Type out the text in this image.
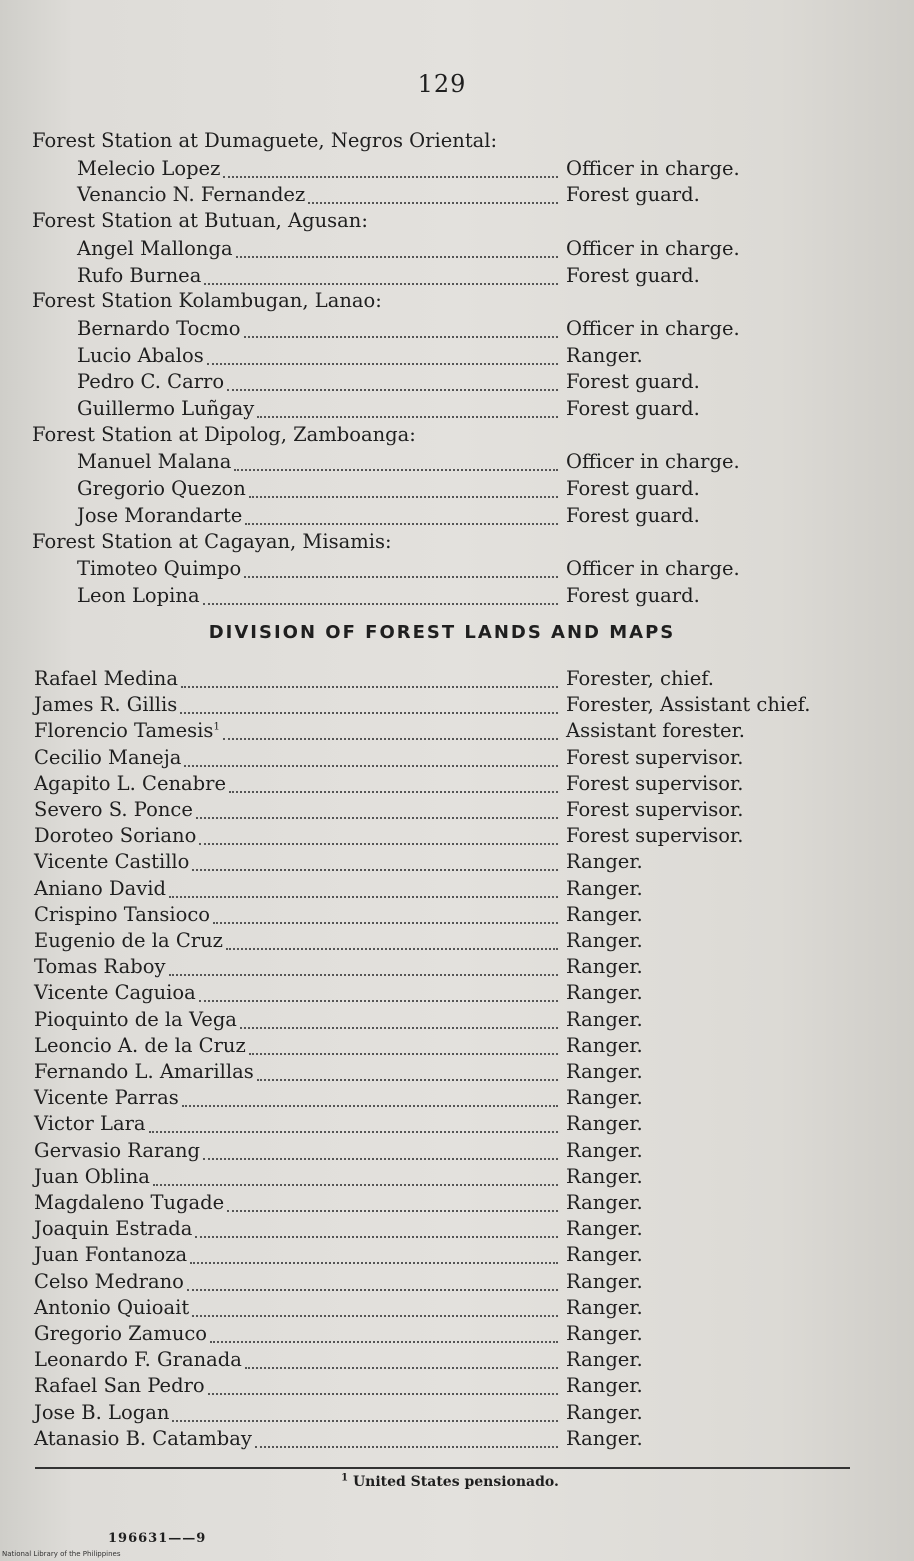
129
Forest Station at Dumaguete, Negros Oriental:
Melecio Lopez	Officer in charge.
Venancio N. Fernandez	Forest guard.
Forest Station at Butuan, Agusan:
Angel Mallonga	Officer in charge.
Rufo Burnea	Forest guard.
Forest Station Kolambugan, Lanao:
Bernardo Tocmo	Officer in charge.
Lucio Abalos	Ranger.
Pedro C. Carro	Forest guard.
Guillermo Luñgay	Forest guard.
Forest Station at Dipolog, Zamboanga:
Manuel Malana	Officer in charge.
Gregorio Quezon	Forest guard.
Jose Morandarte	Forest guard.
Forest Station at Cagayan, Misamis:
Timoteo Quimpo	Officer in charge.
Leon Lopina	Forest guard.
DIVISION OF FOREST LANDS AND MAPS
Rafael Medina	Forester, chief.
James R. Gillis	Forester, Assistant chief.
Florencio Tamesis$^1$	Assistant forester.
Cecilio Maneja	Forest supervisor.
Agapito L. Cenabre	Forest supervisor.
Severo S. Ponce	Forest supervisor.
Doroteo Soriano	Forest supervisor.
Vicente Castillo	Ranger.
Aniano David	Ranger.
Crispino Tansioco	Ranger.
Eugenio de la Cruz	Ranger.
Tomas Raboy	Ranger.
Vicente Caguioa	Ranger.
Pioquinto de la Vega	Ranger.
Leoncio A. de la Cruz	Ranger.
Fernando L. Amarillas	Ranger.
Vicente Parras	Ranger.
Victor Lara	Ranger.
Gervasio Rarang	Ranger.
Juan Oblina	Ranger.
Magdaleno Tugade	Ranger.
Joaquin Estrada	Ranger.
Juan Fontanoza	Ranger.
Celso Medrano	Ranger.
Antonio Quioait	Ranger.
Gregorio Zamuco	Ranger.
Leonardo F. Granada	Ranger.
Rafael San Pedro	Ranger.
Jose B. Logan	Ranger.
Atanasio B. Catambay	Ranger.
$^1$ United States pensionado.
196631——9
National Library of the Philippines
